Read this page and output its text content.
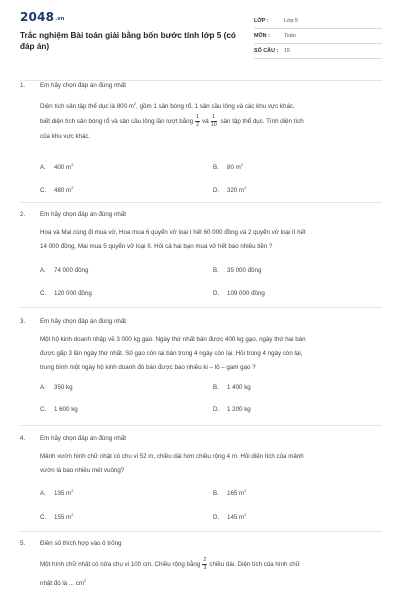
2048.vn
Trắc nghiệm Bài toán giải bằng bốn bước tính lớp 5 (có đáp án)
LỚP :	Lớp 5
MÔN :	Toán
SỐ CÂU : 15
1. Em hãy chọn đáp án đúng nhất
Diện tích sân tập thể dục là 800 $m^2$, gồm 1 sân bóng rổ, 1 sân cầu lông và các khu vực khác,
biết diện tích sân bóng rổ và sân cầu lông lần lượt bằng $\frac{1}{2}$ và $\frac{1}{10}$ sân tập thể dục. Tính diện tích
của khu vực khác.
A. 400 $m^2$	B. 80 $m^2$
C. 480 $m^2$	D. 320 $m^2$
2. Em hãy chọn đáp án đúng nhất
Hoa và Mai cùng đi mua vở, Hoa mua 6 quyển vở loại I hết 60 000 đồng và 2 quyển vở loại II hết
14 000 đồng, Mai mua 5 quyển vở loại II. Hỏi cả hai bạn mua vở hết bao nhiêu tiền ?
A. 74 000 đồng	B. 35 000 đồng
C. 120 000 đồng	D. 109 000 đồng
3. Em hãy chọn đáp án đúng nhất
Một hộ kinh doanh nhập về 3 000 kg gạo. Ngày thứ nhất bán được 400 kg gạo, ngày thứ hai bán
được gấp 3 lần ngày thứ nhất. Số gạo còn lại bán trong 4 ngày còn lại. Hỏi trong 4 ngày còn lại,
trung bình một ngày hộ kinh doanh đó bán được bao nhiêu ki – lô – gam gạo ?
A. 350 kg	B. 1 400 kg
C. 1 600 kg	D. 1 200 kg
4. Em hãy chọn đáp án đúng nhất
Mảnh vườn hình chữ nhật có chu vi 52 m, chiều dài hơn chiều rộng 4 m. Hỏi diện tích của mảnh
vườn là bao nhiêu mét vuông?
A. 135 $m^2$	B. 165 $m^2$
C. 155 $m^2$	D. 145 $m^2$
5. Điền số thích hợp vào ô trống
Một hình chữ nhật có nửa chu vi 100 cm. Chiều rộng bằng $\frac{2}{3}$ chiều dài. Diện tích của hình chữ
nhật đó là ... $cm^2$
